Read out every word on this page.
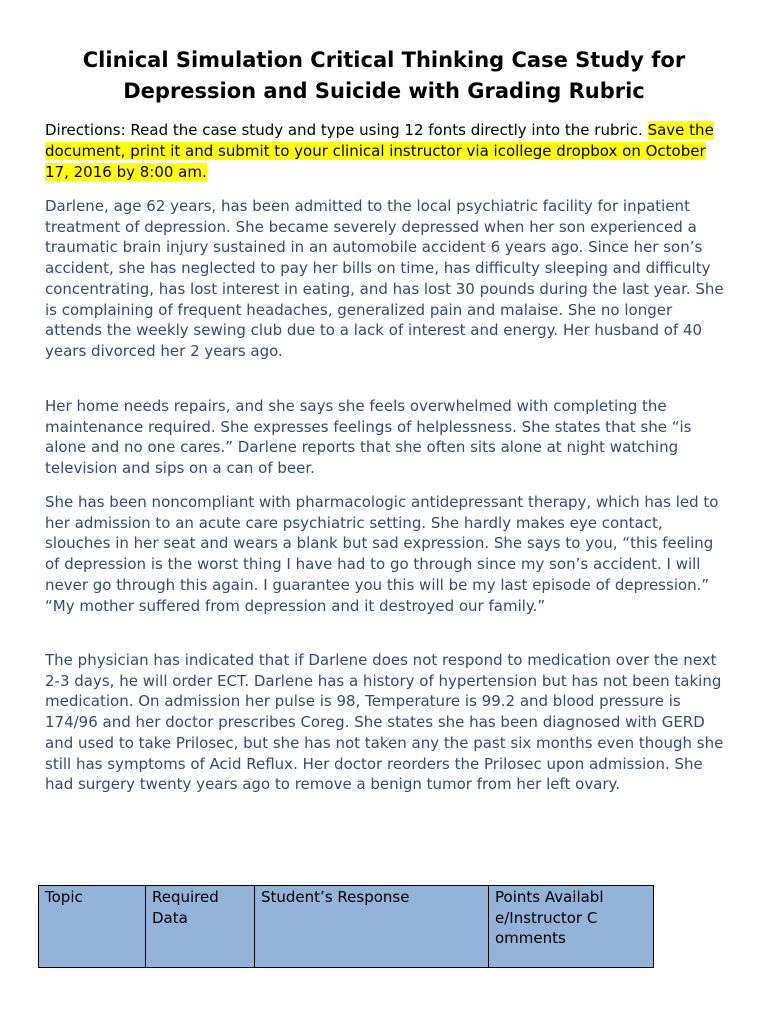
Clinical Simulation Critical Thinking Case Study for Depression and Suicide with Grading Rubric

Directions: Read the case study and type using 12 fonts directly into the rubric. Save the document, print it and submit to your clinical instructor via icollege dropbox on October 17, 2016 by 8:00 am.

Darlene, age 62 years, has been admitted to the local psychiatric facility for inpatient treatment of depression. She became severely depressed when her son experienced a traumatic brain injury sustained in an automobile accident 6 years ago. Since her son’s accident, she has neglected to pay her bills on time, has difficulty sleeping and difficulty concentrating, has lost interest in eating, and has lost 30 pounds during the last year. She is complaining of frequent headaches, generalized pain and malaise. She no longer attends the weekly sewing club due to a lack of interest and energy. Her husband of 40 years divorced her 2 years ago.

Her home needs repairs, and she says she feels overwhelmed with completing the maintenance required. She expresses feelings of helplessness. She states that she “is alone and no one cares.” Darlene reports that she often sits alone at night watching television and sips on a can of beer.

She has been noncompliant with pharmacologic antidepressant therapy, which has led to her admission to an acute care psychiatric setting. She hardly makes eye contact, slouches in her seat and wears a blank but sad expression. She says to you, “this feeling of depression is the worst thing I have had to go through since my son’s accident. I will never go through this again. I guarantee you this will be my last episode of depression.” “My mother suffered from depression and it destroyed our family.”

The physician has indicated that if Darlene does not respond to medication over the next 2-3 days, he will order ECT. Darlene has a history of hypertension but has not been taking medication. On admission her pulse is 98, Temperature is 99.2 and blood pressure is 174/96 and her doctor prescribes Coreg. She states she has been diagnosed with GERD and used to take Prilosec, but she has not taken any the past six months even though she still has symptoms of Acid Reflux. Her doctor reorders the Prilosec upon admission. She had surgery twenty years ago to remove a benign tumor from her left ovary.

Topic	Required Data	Student’s Response	Points Available/Instructor Comments
